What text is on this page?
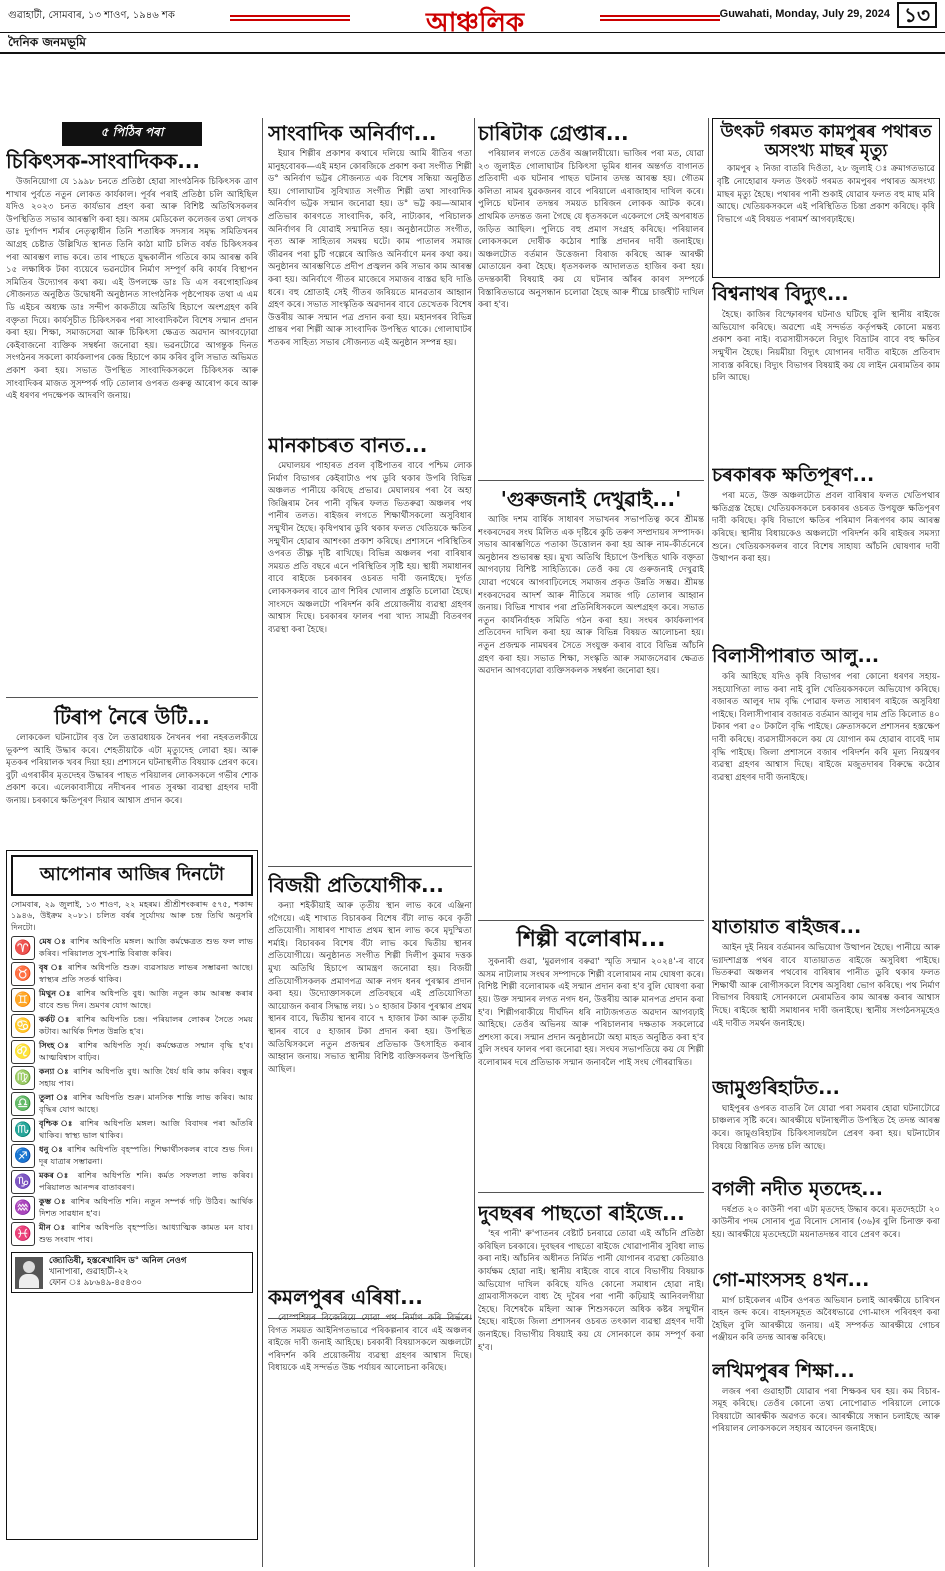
গুৱাহাটী, সোমবাৰ, ১৩ শাওণ, ১৯৪৬ শক	আঞ্চলিক	Guwahati, Monday, July 29, 2024 ১৩
দৈনিক জনমভূমি
৫ পিঠিৰ পৰা
চিকিৎসক-সাংবাদিকক...

উজনিয়োগা যে ১৯৯৮ চনতে প্ৰতিষ্ঠা হোৱা সাংগঠনিক চিকিৎসক ত্ৰাণ শাখাৰ পুৰ্বতে নতুন লোকত কাৰ্যকাল। পূৰ্বৰ পৰাই প্ৰতিষ্ঠা চলি আহিছিল যদিও ২০২৩ চনত কাৰ্যভাৰ প্ৰহণ কৰা আৰু বিশিষ্ট অতিথিসকলৰ উপস্থিতিত সভাৰ আৰম্ভণি কৰা হয়। অসম মেডিকেল কলেজৰ তথা লেখক ডাঃ দুৰ্গাপদ শৰ্মাৰ নেতৃত্বাধীন তিনি শতাধিক সদস্যৰ সমৃদ্ধ সমিতিখনৰ আগ্ৰহ চেষ্টাত উল্লিখিত স্থানত তিনি কাঠা মাটি চলিত বৰ্ষত চিকিৎসকৰ পৰা আৰম্ভণ লাভ কৰে। তাৰ পাছতে যুদ্ধকালীন গতিৰে কাম আৰম্ভ কৰি ১৫ লক্ষাধিক টকা ব্যয়েৰে ভৱনটোৰ নিৰ্মাণ সম্পূৰ্ণ কৰি কাৰ্যৰ বিস্থাপন সমিতিৰ উদ্যোগৰ কথা কয়। এই উপলক্ষে ডাঃ ডি এস বৰগোহাঞিৰ সৌজন্যত অনুষ্ঠিত উদ্বোধনী অনুষ্ঠানত সাংগঠনিক পৃষ্ঠপোষক তথা এ এম ডি এইচৰ অধ্যক্ষ ডাঃ সন্দীপ কাকতীয়ে অতিথি হিচাপে অংশগ্ৰহণ কৰি বক্তৃতা দিয়ে। কাৰ্যসূচীত চিকিৎসকৰ পৰা সাংবাদিকলৈ বিশেষ সন্মান প্ৰদান কৰা হয়। শিক্ষা, সমাজসেৱা আৰু চিকিৎসা ক্ষেত্ৰত অৱদান আগবঢ়োৱা কেইবাজনো ব্যক্তিক সম্বৰ্ধনা জনোৱা হয়। ভৱনটোৱে আগন্তুক দিনত সংগঠনৰ সকলো কাৰ্যকলাপৰ কেন্দ্ৰ হিচাপে কাম কৰিব বুলি সভাত অভিমত প্ৰকাশ কৰা হয়। সভাত উপস্থিত সাংবাদিকসকলে চিকিৎসক আৰু সাংবাদিকৰ মাজত সুসম্পৰ্ক গঢ়ি তোলাৰ ওপৰত গুৰুত্ব আৰোপ কৰে আৰু এই ধৰণৰ পদক্ষেপক আদৰণি জনায়।

টিৰাপ নৈৰে উটি...

লোককেল ঘটনাটোৰ বৃত্ত লৈ তত্তাৱধায়ক নৈখনৰ পৰা নহৰতলকীয়ে ভূকম্প আহি উদ্ধাৰ কৰে। শেহতীয়াকৈ এটা মৃত্যুদেহ লোৱা হয়। আৰু মৃতকৰ পৰিয়ালক খবৰ দিয়া হয়। প্ৰশাসনে ঘটনাস্থলীত বিষয়াক প্ৰেৰণ কৰে। বুঢ়ী এগৰাকীৰ মৃতদেহৰ উদ্ধাৰৰ পাছত পৰিয়ালৰ লোকসকলে গভীৰ শোক প্ৰকাশ কৰে। এলেকাবাসীয়ে নদীখনৰ পাৰত সুৰক্ষা ব্যৱস্থা গ্ৰহণৰ দাবী জনায়। চৰকাৰে ক্ষতিপূৰণ দিয়াৰ আশ্বাস প্ৰদান কৰে।

আপোনাৰ আজিৰ দিনটো
সোমবাৰ, ২৯ জুলাই, ১৩ শাওণ, ২২ মহৰম। শ্ৰীশ্ৰীশংকৰাব্দ ৫৭৫, শকাব্দ ১৯৪৬, উইক্ৰম ২০৮১। চলিত বৰ্ষৰ সূৰ্যোদয় আৰু চন্দ্ৰ তিথি অনুসৰি দিনটো।
♈ মেষ ঃ ৰাশিৰ অধিপতি মঙ্গল। আজি কৰ্মক্ষেত্ৰত শুভ ফল লাভ কৰিব। পৰিয়ালত সুখ-শান্তি বিৰাজ কৰিব।
♉ বৃষ ঃ ৰাশিৰ অধিপতি শুক্ৰ। ব্যৱসায়ত লাভৰ সম্ভাৱনা আছে। স্বাস্থ্যৰ প্ৰতি সতৰ্ক থাকিব।
♊ মিথুন ঃ ৰাশিৰ অধিপতি বুধ। আজি নতুন কাম আৰম্ভ কৰাৰ বাবে শুভ দিন। ভ্ৰমণৰ যোগ আছে।
♋ কৰ্কট ঃ ৰাশিৰ অধিপতি চন্দ্ৰ। পৰিয়ালৰ লোকৰ সৈতে সময় কটাব। আৰ্থিক দিশত উন্নতি হ'ব।
♌ সিংহ ঃ ৰাশিৰ অধিপতি সূৰ্য। কৰ্মক্ষেত্ৰত সন্মান বৃদ্ধি হ'ব। আত্মবিশ্বাস বাঢ়িব।
♍ কন্যা ঃ ৰাশিৰ অধিপতি বুধ। আজি ধৈৰ্য ধৰি কাম কৰিব। বন্ধুৰ সহায় পাব।
♎ তুলা ঃ ৰাশিৰ অধিপতি শুক্ৰ। মানসিক শান্তি লাভ কৰিব। আয় বৃদ্ধিৰ যোগ আছে।
♏ বৃশ্চিক ঃ ৰাশিৰ অধিপতি মঙ্গল। আজি বিবাদৰ পৰা আঁতৰি থাকিব। স্বাস্থ্য ভাল থাকিব।
♐ ধনু ঃ ৰাশিৰ অধিপতি বৃহস্পতি। শিক্ষাৰ্থীসকলৰ বাবে শুভ দিন। দূৰ যাত্ৰাৰ সম্ভাৱনা।
♑ মকৰ ঃ ৰাশিৰ অধিপতি শনি। কৰ্মত সফলতা লাভ কৰিব। পৰিয়ালত আনন্দৰ বাতাবৰণ।
♒ কুম্ভ ঃ ৰাশিৰ অধিপতি শনি। নতুন সম্পৰ্ক গঢ়ি উঠিব। আৰ্থিক দিশত সাৱধান হ'ব।
♓ মীন ঃ ৰাশিৰ অধিপতি বৃহস্পতি। আধ্যাত্মিক কামত মন যাব। শুভ সংবাদ পাব।
জ্যোতিষী, হস্তৰেখাবিদ ড° অনিল নেওগ
খানাপাৰা, গুৱাহাটী-২২
ফোন ঃ ৯৮৬৪৯-৪৫৪৩০
সাংবাদিক অনিৰ্বাণ...

ইয়াৰ শিল্পীৰ প্ৰকাশৰ কথাৰে দলিয়ে আমি ৰীতিৰ গতা মানুহবোৰক—এই মহান কোৰজিকে প্ৰকাশ কৰা সংগীত শিল্পী ড° অনিৰ্বাণ ভট্টৰ সৌজন্যত এক বিশেষ সন্ধিয়া অনুষ্ঠিত হয়। গোলাঘাটৰ সুবিখ্যাত সংগীত শিল্পী তথা সাংবাদিক অনিৰ্বাণ ভট্টক সন্মান জনোৱা হয়। ড° ভট্ট কয়—আমাৰ প্ৰতিভাৰ কাৰণতে সাংবাদিক, কবি, নাট্যকাৰ, পৰিচালক অনিৰ্বাণৰ বি যোৱাই সন্মানিত হয়। অনুষ্ঠানটোত সংগীত, নৃত্য আৰু সাহিত্যৰ সমন্বয় ঘটে। কাম পাতালৰ সমাজ জীৱনৰ পৰা চুটি গল্পেৰে আজিও অনিৰ্বাণে মনৰ কথা কয়। অনুষ্ঠানৰ আৰম্ভণিতে প্ৰদীপ প্ৰজ্বলন কৰি সভাৰ কাম আৰম্ভ কৰা হয়। অনিৰ্বাণে গীতৰ মাজেৰে সমাজৰ বাস্তৱ ছবি দাঙি ধৰে। বহু শ্ৰোতাই সেই গীতৰ জৰিয়তে মানৱতাৰ আহ্বান গ্ৰহণ কৰে। সভাত সাংস্কৃতিক অৱদানৰ বাবে তেখেতক বিশেষ উত্তৰীয় আৰু সন্মান পত্ৰ প্ৰদান কৰা হয়। মহানগৰৰ বিভিন্ন প্ৰান্তৰ পৰা শিল্পী আৰু সাংবাদিক উপস্থিত থাকে। গোলাঘাটৰ শতকৰ সাহিত্য সভাৰ সৌজন্যত এই অনুষ্ঠান সম্পন্ন হয়।

চাৰিটাক গ্ৰেপ্তাৰ...

পৰিয়ালৰ লগতে তেওঁৰ অঞ্জালয়ীয়ো। ভাজিৰ পৰা মত, যোৱা ২৩ জুলাইত গোলাঘাটৰ চিকিৎসা ভূমিৰ ধানৰ অন্তৰ্গত বাগানত প্ৰতিবাদী এক ঘটনাৰ পাছত ঘটনাৰ তদন্ত আৰম্ভ হয়। গৌতম কলিতা নামৰ যুৱকজনৰ বাবে পৰিয়ালে এৰাজাহাৰ দাখিল কৰে। পুলিচে ঘটনাৰ তদন্তৰ সময়ত চাৰিজন লোকক আটক কৰে। প্ৰাথমিক তদন্তত জনা গৈছে যে ধৃতসকলে একেলগে সেই অপৰাধত জড়িত আছিল। পুলিচে বহু প্ৰমাণ সংগ্ৰহ কৰিছে। পৰিয়ালৰ লোকসকলে দোষীক কঠোৰ শাস্তি প্ৰদানৰ দাবী জনাইছে। অঞ্চলটোত বৰ্তমান উত্তেজনা বিৰাজ কৰিছে আৰু আৰক্ষী মোতায়েন কৰা হৈছে। ধৃতসকলক আদালতত হাজিৰ কৰা হয়। তদন্তকাৰী বিষয়াই কয় যে ঘটনাৰ আঁৰৰ কাৰণ সম্পৰ্কে বিস্তাৰিতভাৱে অনুসন্ধান চলোৱা হৈছে আৰু শীঘ্ৰে চাৰ্জশ্বীট দাখিল কৰা হ'ব।

মানকাচৰত বানত...

মেঘালয়ৰ পাহাৰত প্ৰবল বৃষ্টিপাতৰ বাবে পশ্চিম লোক নিৰ্মাণ বিভাগৰ কেইবাটাও পথ ডুবি থকাৰ উপৰি বিভিন্ন অঞ্চলত পানীয়ে কৰিছে প্ৰভাৱ। মেঘালয়ৰ পৰা বৈ অহা জিঞ্জিৰাম নৈৰ পানী বৃদ্ধিৰ ফলত ভিতৰুৱা অঞ্চলৰ পথ পানীৰ তলত। ৰাইজৰ লগতে শিক্ষাৰ্থীসকলো অসুবিধাৰ সন্মুখীন হৈছে। কৃষিপথাৰ ডুবি থকাৰ ফলত খেতিয়কে ক্ষতিৰ সন্মুখীন হোৱাৰ আশংকা প্ৰকাশ কৰিছে। প্ৰশাসনে পৰিস্থিতিৰ ওপৰত তীক্ষ্ণ দৃষ্টি ৰাখিছে। বিভিন্ন অঞ্চলৰ পৰা বাৰিষাৰ সময়ত প্ৰতি বছৰে এনে পৰিস্থিতিৰ সৃষ্টি হয়। স্থায়ী সমাধানৰ বাবে ৰাইজে চৰকাৰৰ ওচৰত দাবী জনাইছে। দুৰ্গত লোকসকলৰ বাবে ত্ৰাণ শিবিৰ খোলাৰ প্ৰস্তুতি চলোৱা হৈছে। সাংসদে অঞ্চলটো পৰিদৰ্শন কৰি প্ৰয়োজনীয় ব্যৱস্থা গ্ৰহণৰ আশ্বাস দিছে। চৰকাৰৰ ফালৰ পৰা খাদ্য সামগ্ৰী বিতৰণৰ ব্যৱস্থা কৰা হৈছে।

বিজয়ী প্ৰতিযোগীক...

কন্যা শইকীয়াই আৰু তৃতীয় স্থান লাভ কৰে এঞ্জিনা গগৈয়ে। এই শাখাত বিচাৰকৰ বিশেষ বঁটা লাভ কৰে কৃতী প্ৰতিযোগী। সাধাৰণ শাখাত প্ৰথম স্থান লাভ কৰে মৃদুস্মিতা শৰ্মাই। বিচাৰকৰ বিশেষ বঁটা লাভ কৰে দ্বিতীয় স্থানৰ প্ৰতিযোগীয়ে। অনুষ্ঠানত সংগীত শিল্পী দিলীপ কুমাৰ দত্তক মুখ্য অতিথি হিচাপে আমন্ত্ৰণ জনোৱা হয়। বিজয়ী প্ৰতিযোগীসকলক প্ৰমাণপত্ৰ আৰু নগদ ধনৰ পুৰস্কাৰ প্ৰদান কৰা হয়। উদ্যোক্তাসকলে প্ৰতিবছৰে এই প্ৰতিযোগিতা আয়োজন কৰাৰ সিদ্ধান্ত লয়। ১০ হাজাৰ টকাৰ পুৰস্কাৰ প্ৰথম স্থানৰ বাবে, দ্বিতীয় স্থানৰ বাবে ৭ হাজাৰ টকা আৰু তৃতীয় স্থানৰ বাবে ৫ হাজাৰ টকা প্ৰদান কৰা হয়। উপস্থিত অতিথিসকলে নতুন প্ৰজন্মৰ প্ৰতিভাক উৎসাহিত কৰাৰ আহ্বান জনায়। সভাত স্থানীয় বিশিষ্ট ব্যক্তিসকলৰ উপস্থিতি আছিল।

কমলপুৰৰ এৰিষা...

বোস্পশিয়ৰ বিজেৰিয়ে যোৱা পথ নিৰ্মাণ কৰি বিৰ্ভৰে। বিগত সময়ত আইনিগতভাৱে পৰিকল্পনাৰ বাবে এই অঞ্চলৰ ৰাইজে দাবী জনাই আহিছে। চৰকাৰী বিষয়াসকলে অঞ্চলটো পৰিদৰ্শন কৰি প্ৰয়োজনীয় ব্যৱস্থা গ্ৰহণৰ আশ্বাস দিছে। বিধায়কে এই সন্দৰ্ভত উচ্চ পৰ্যায়ৰ আলোচনা কৰিছে।

'গুৰুজনাই দেখুৱাই...'

আজি দশম বাৰ্ষিক সাধাৰণ সভাখনৰ সভাপতিত্ব কৰে শ্ৰীমন্ত শংকৰদেৱৰ সংঘ মিলিত এক দৃষ্টিৰে কুচি তৰুণ সম্প্ৰদায়ৰ সম্পাদক। সভাৰ আৰম্ভণিতে পতাকা উত্তোলন কৰা হয় আৰু নাম-কীৰ্তনেৰে অনুষ্ঠানৰ শুভাৰম্ভ হয়। মুখ্য অতিথি হিচাপে উপস্থিত থাকি বক্তৃতা আগবঢ়ায় বিশিষ্ট সাহিত্যিকে। তেওঁ কয় যে গুৰুজনাই দেখুৱাই যোৱা পথেৰে আগবাঢ়িলেহে সমাজৰ প্ৰকৃত উন্নতি সম্ভৱ। শ্ৰীমন্ত শংকৰদেৱৰ আদৰ্শ আৰু নীতিৰে সমাজ গঢ়ি তোলাৰ আহ্বান জনায়। বিভিন্ন শাখাৰ পৰা প্ৰতিনিধিসকলে অংশগ্ৰহণ কৰে। সভাত নতুন কাৰ্যনিৰ্বাহক সমিতি গঠন কৰা হয়। সংঘৰ কাৰ্যকলাপৰ প্ৰতিবেদন দাখিল কৰা হয় আৰু বিভিন্ন বিষয়ত আলোচনা হয়। নতুন প্ৰজন্মক নামঘৰৰ সৈতে সংযুক্ত কৰাৰ বাবে বিভিন্ন আঁচনি গ্ৰহণ কৰা হয়। সভাত শিক্ষা, সংস্কৃতি আৰু সমাজসেৱাৰ ক্ষেত্ৰত অৱদান আগবঢ়োৱা ব্যক্তিসকলক সম্বৰ্ধনা জনোৱা হয়।

শিল্পী বলোৰাম...

সুকনাৰী গুৱা, 'মুৱলগাৰ বৰুৱা' স্মৃতি সন্মান ২০২৪'-ৰ বাবে অসম নাট্যলাম সংঘৰ সম্পাদকে শিল্পী বলোৰামৰ নাম ঘোষণা কৰে। বিশিষ্ট শিল্পী বলোৰামক এই সন্মান প্ৰদান কৰা হ'ব বুলি ঘোষণা কৰা হয়। উক্ত সন্মানৰ লগত নগদ ধন, উত্তৰীয় আৰু মানপত্ৰ প্ৰদান কৰা হ'ব। শিল্পীগৰাকীয়ে দীৰ্ঘদিন ধৰি নাট্যজগতত অৱদান আগবঢ়াই আহিছে। তেওঁৰ অভিনয় আৰু পৰিচালনাৰ দক্ষতাক সকলোৱে প্ৰশংসা কৰে। সন্মান প্ৰদান অনুষ্ঠানটো অহা মাহত অনুষ্ঠিত কৰা হ'ব বুলি সংঘৰ ফালৰ পৰা জনোৱা হয়। সংঘৰ সভাপতিয়ে কয় যে শিল্পী বলোৰামৰ দৰে প্ৰতিভাক সন্মান জনাবলৈ পাই সংঘ গৌৰৱান্বিত।

দুবছৰৰ পাছতো ৰাইজে...

'হৰ পানী' ৰু'পাতনৰ বেষ্টাৰ্ট চনৰাৱে তোৱা এই আঁচনি প্ৰতিষ্ঠা কৰিছিল চৰকাৰে। দুবছৰৰ পাছতো ৰাইজে খোৱাপানীৰ সুবিধা লাভ কৰা নাই। আঁচনিৰ অধীনত নিৰ্মিত পানী যোগানৰ ব্যৱস্থা কেতিয়াও কাৰ্যক্ষম হোৱা নাই। স্থানীয় ৰাইজে বাৰে বাৰে বিভাগীয় বিষয়াক অভিযোগ দাখিল কৰিছে যদিও কোনো সমাধান হোৱা নাই। গ্ৰামবাসীসকলে বাধ্য হৈ দূৰৈৰ পৰা পানী কঢ়িয়াই আনিবলগীয়া হৈছে। বিশেষকৈ মহিলা আৰু শিশুসকলে অধিক কষ্টৰ সন্মুখীন হৈছে। ৰাইজে জিলা প্ৰশাসনৰ ওচৰত তৎকাল ব্যৱস্থা গ্ৰহণৰ দাবী জনাইছে। বিভাগীয় বিষয়াই কয় যে সোনকালে কাম সম্পূৰ্ণ কৰা হ'ব।

উৎকট গৰমত কামপুৰৰ পথাৰত অসংখ্য মাছৰ মৃত্যু

কামপুৰ ২ নিজা বাতৰি দিওঁতা, ২৮ জুলাই ঃ ক্ৰমাগতভাৱে বৃষ্টি নোহোৱাৰ ফলত উৎকট গৰমত কামপুৰৰ পথাৰত অসংখ্য মাছৰ মৃত্যু হৈছে। পথাৰৰ পানী শুকাই যোৱাৰ ফলত বহু মাছ মৰি আছে। খেতিয়কসকলে এই পৰিস্থিতিত চিন্তা প্ৰকাশ কৰিছে। কৃষি বিভাগে এই বিষয়ত পৰামৰ্শ আগবঢ়াইছে।

বিশ্বনাথৰ বিদ্যুৎ...

হৈছে। কাজিৰ বিস্ফোৰণৰ ঘটনাও ঘটিছে বুলি স্থানীয় ৰাইজে অভিযোগ কৰিছে। অৱশ্যে এই সন্দৰ্ভত কৰ্তৃপক্ষই কোনো মন্তব্য প্ৰকাশ কৰা নাই। ব্যৱসায়ীসকলে বিদ্যুৎ বিভ্ৰাটৰ বাবে বহু ক্ষতিৰ সন্মুখীন হৈছে। নিয়মীয়া বিদ্যুৎ যোগানৰ দাবীত ৰাইজে প্ৰতিবাদ সাব্যস্ত কৰিছে। বিদ্যুৎ বিভাগৰ বিষয়াই কয় যে লাইন মেৰামতিৰ কাম চলি আছে।

চৰকাৰক ক্ষতিপূৰণ...

পৰা মতে, উক্ত অঞ্চলটোত প্ৰবল বাৰিষাৰ ফলত খেতিপথাৰ ক্ষতিগ্ৰস্ত হৈছে। খেতিয়কসকলে চৰকাৰৰ ওচৰত উপযুক্ত ক্ষতিপূৰণ দাবী কৰিছে। কৃষি বিভাগে ক্ষতিৰ পৰিমাণ নিৰূপণৰ কাম আৰম্ভ কৰিছে। স্থানীয় বিধায়কেও অঞ্চলটো পৰিদৰ্শন কৰি ৰাইজৰ সমস্যা শুনে। খেতিয়কসকলৰ বাবে বিশেষ সাহায্য আঁচনি ঘোষণাৰ দাবী উত্থাপন কৰা হয়।

বিলাসীপাৰাত আলু...

কৰি আহিছে যদিও কৃষি বিভাগৰ পৰা কোনো ধৰণৰ সহায়-সহযোগিতা লাভ কৰা নাই বুলি খেতিয়কসকলে অভিযোগ কৰিছে। বজাৰত আলুৰ দাম বৃদ্ধি পোৱাৰ ফলত সাধাৰণ ৰাইজে অসুবিধা পাইছে। বিলাসীপাৰাৰ বজাৰত বৰ্তমান আলুৰ দাম প্ৰতি কিলোত ৪০ টকাৰ পৰা ৫০ টকালৈ বৃদ্ধি পাইছে। ক্ৰেতাসকলে প্ৰশাসনৰ হস্তক্ষেপ দাবী কৰিছে। ব্যৱসায়ীসকলে কয় যে যোগান কম হোৱাৰ বাবেই দাম বৃদ্ধি পাইছে। জিলা প্ৰশাসনে বজাৰ পৰিদৰ্শন কৰি মূল্য নিয়ন্ত্ৰণৰ ব্যৱস্থা গ্ৰহণৰ আশ্বাস দিছে। ৰাইজে মজুতদাৰৰ বিৰুদ্ধে কঠোৰ ব্যৱস্থা গ্ৰহণৰ দাবী জনাইছে।

যাতায়াত ৰাইজৰ...

আইন দুই নিয়ৰ বৰ্তমানৰ অভিযোগ উত্থাপন হৈছে। পানীয়ে আৰু ভগ্নদশাগ্ৰস্ত পথৰ বাবে যাতায়াতত ৰাইজে অসুবিধা পাইছে। ভিতৰুৱা অঞ্চলৰ পথবোৰ বাৰিষাৰ পানীত ডুবি থকাৰ ফলত শিক্ষাৰ্থী আৰু ৰোগীসকলে বিশেষ অসুবিধা ভোগ কৰিছে। পথ নিৰ্মাণ বিভাগৰ বিষয়াই সোনকালে মেৰামতিৰ কাম আৰম্ভ কৰাৰ আশ্বাস দিছে। ৰাইজে স্থায়ী সমাধানৰ দাবী জনাইছে। স্থানীয় সংগঠনসমূহেও এই দাবীত সমৰ্থন জনাইছে।

জামুগুৰিহাটত...

ঘাইপুৰৰ ওপৰত বাতৰি লৈ যোৱা পৰা সমবাৰ হোৱা ঘটনাটোৱে চাঞ্চল্যৰ সৃষ্টি কৰে। আৰক্ষীয়ে ঘটনাস্থলীত উপস্থিত হৈ তদন্ত আৰম্ভ কৰে। জামুগুৰিহাটৰ চিকিৎসালয়লৈ প্ৰেৰণ কৰা হয়। ঘটনাটোৰ বিষয়ে বিস্তাৰিত তদন্ত চলি আছে।

বগলী নদীত মৃতদেহ...

দৰ্ষপ্ৰত ২০ কাউনী পৰা এটা মৃতদেহ উদ্ধাৰ কৰে। মৃতদেহটো ২০ কাউনীৰ পদম সোনাৰ পুত্ৰ বিনোদ সোনাৰ (৩৬)ৰ বুলি চিনাক্ত কৰা হয়। আৰক্ষীয়ে মৃতদেহটো ময়নাতদন্তৰ বাবে প্ৰেৰণ কৰে।

গো-মাংসসহ ৪খন...

মাৰ্গ চাইকেলৰ এটিৰ ওপৰত অভিযান চলাই আৰক্ষীয়ে চাৰিখন বাহন জব্দ কৰে। বাহনসমূহত অবৈধভাৱে গো-মাংস পৰিবহণ কৰা হৈছিল বুলি আৰক্ষীয়ে জনায়। এই সম্পৰ্কত আৰক্ষীয়ে গোচৰ পঞ্জীয়ন কৰি তদন্ত আৰম্ভ কৰিছে।

লখিমপুৰৰ শিক্ষা...

লজৰ পৰা গুৱাহাটী যোৱাৰ পৰা শিক্ষকৰ ঘৰ হয়। কম বিচাৰ-সমূহ কৰিছে। তেওঁৰ কোনো তথ্য নোপোৱাত পৰিয়ালে লোকে বিষয়াটো আৰক্ষীক অৱগত কৰে। আৰক্ষীয়ে সন্ধান চলাইছে আৰু পৰিয়ালৰ লোকসকলে সহায়ৰ আবেদন জনাইছে।
